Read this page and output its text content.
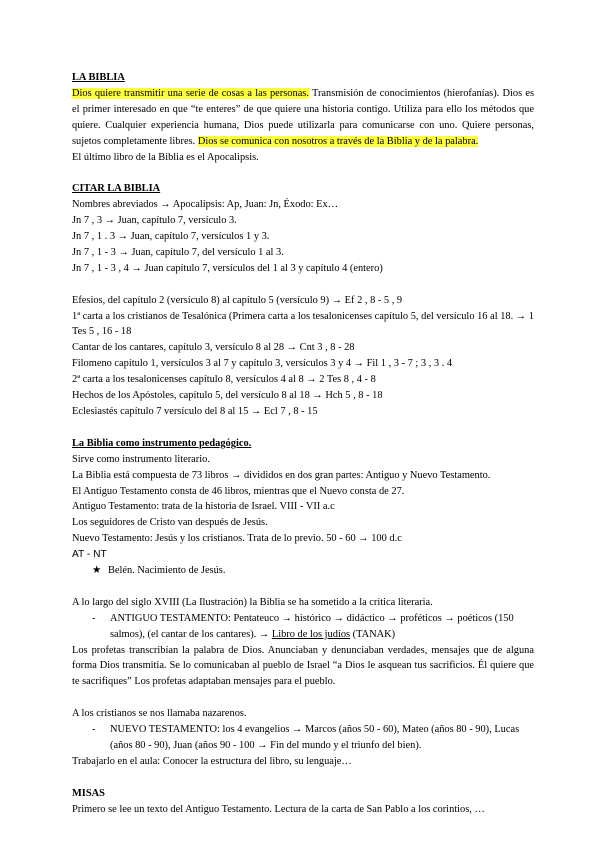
LA BIBLIA
Dios quiere transmitir una serie de cosas a las personas. Transmisión de conocimientos (hierofanías). Dios es el primer interesado en que “te enteres” de que quiere una historia contigo. Utiliza para ello los métodos que quiere. Cualquier experiencia humana, Dios puede utilizarla para comunicarse con uno. Quiere personas, sujetos completamente libres. Dios se comunica con nosotros a través de la Biblia y de la palabra.
El último libro de la Biblia es el Apocalipsis.
CITAR LA BIBLIA
Nombres abreviados → Apocalipsis: Ap, Juan: Jn, Éxodo: Ex…
Jn 7 , 3 → Juan, capítulo 7, versículo 3.
Jn 7 , 1 . 3 → Juan, capítulo 7, versículos 1 y 3.
Jn 7 , 1 - 3 → Juan, capítulo 7, del versículo 1 al 3.
Jn 7 , 1 - 3 , 4 → Juan capítulo 7, versículos del 1 al 3 y capítulo 4 (entero)
Efesios, del capítulo 2 (versículo 8) al capítulo 5 (versículo 9) → Ef 2 , 8 - 5 , 9
1ª carta a los cristianos de Tesalónica (Primera carta a los tesalonicenses capítulo 5, del versículo 16 al 18. → 1 Tes 5 , 16 - 18
Cantar de los cantares, capítulo 3, versículo 8 al 28 → Cnt 3 , 8 - 28
Filomeno capítulo 1, versículos 3 al 7 y capítulo 3, versículos 3 y 4 → Fil 1 , 3 - 7 ; 3 , 3 . 4
2ª carta a los tesalonicenses capítulo 8, versículos 4 al 8 → 2 Tes 8 , 4 - 8
Hechos de los Apóstoles, capítulo 5, del versículo 8 al 18 → Hch 5 , 8 - 18
Eclesiastés capítulo 7 versículo del 8 al 15 → Ecl 7 , 8 - 15
La Biblia como instrumento pedagógico.
Sirve como instrumento literario.
La Biblia está compuesta de 73 libros → divididos en dos gran partes: Antiguo y Nuevo Testamento.
El Antiguo Testamento consta de 46 libros, mientras que el Nuevo consta de 27.
Antiguo Testamento: trata de la historia de Israel. VIII - VII a.c
Los seguidores de Cristo van después de Jesús.
Nuevo Testamento: Jesús y los cristianos. Trata de lo previo. 50 - 60 → 100 d.c
AT - NT
★ Belén. Nacimiento de Jesús.
A lo largo del siglo XVIII (La Ilustración) la Biblia se ha sometido a la crítica literaria.
-	ANTIGUO TESTAMENTO: Pentateuco → histórico → didáctico → proféticos → poéticos (150 salmos), (el cantar de los cantares). → Libro de los judíos (TANAK)
Los profetas transcribían la palabra de Dios. Anunciaban y denunciaban verdades, mensajes que de alguna forma Dios transmitía. Se lo comunicaban al pueblo de Israel “a Dios le asquean tus sacrificios. Él quiere que te sacrifiques” Los profetas adaptaban mensajes para el pueblo.
A los cristianos se nos llamaba nazarenos.
-	NUEVO TESTAMENTO: los 4 evangelios → Marcos (años 50 - 60), Mateo (años 80 - 90), Lucas (años 80 - 90), Juan (años 90 - 100 → Fin del mundo y el triunfo del bien).
Trabajarlo en el aula: Conocer la estructura del libro, su lenguaje…
MISAS
Primero se lee un texto del Antiguo Testamento. Lectura de la carta de San Pablo a los corintios, …
